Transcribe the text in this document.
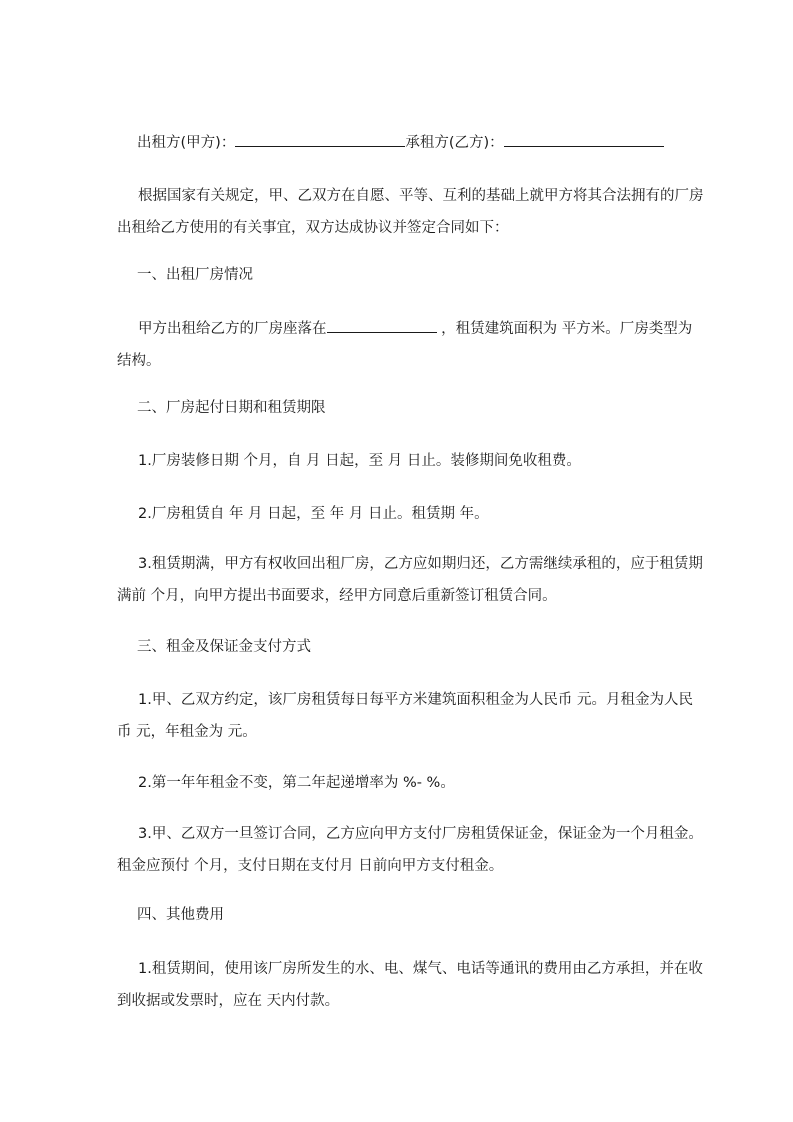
出租方(甲方)：	承租方(乙方)：
根据国家有关规定，甲、乙双方在自愿、平等、互利的基础上就甲方将其合法拥有的厂房出租给乙方使用的有关事宜，双方达成协议并签定合同如下：
一、出租厂房情况
甲方出租给乙方的厂房座落在	，租赁建筑面积为 平方米。厂房类型为 结构。
二、厂房起付日期和租赁期限
1.厂房装修日期 个月，自 月 日起，至 月 日止。装修期间免收租费。
2.厂房租赁自 年 月 日起，至 年 月 日止。租赁期 年。
3.租赁期满，甲方有权收回出租厂房，乙方应如期归还，乙方需继续承租的，应于租赁期满前 个月，向甲方提出书面要求，经甲方同意后重新签订租赁合同。
三、租金及保证金支付方式
1.甲、乙双方约定，该厂房租赁每日每平方米建筑面积租金为人民币 元。月租金为人民币 元，年租金为 元。
2.第一年年租金不变，第二年起递增率为 %- %。
3.甲、乙双方一旦签订合同，乙方应向甲方支付厂房租赁保证金，保证金为一个月租金。租金应预付 个月，支付日期在支付月 日前向甲方支付租金。
四、其他费用
1.租赁期间，使用该厂房所发生的水、电、煤气、电话等通讯的费用由乙方承担，并在收到收据或发票时，应在 天内付款。
